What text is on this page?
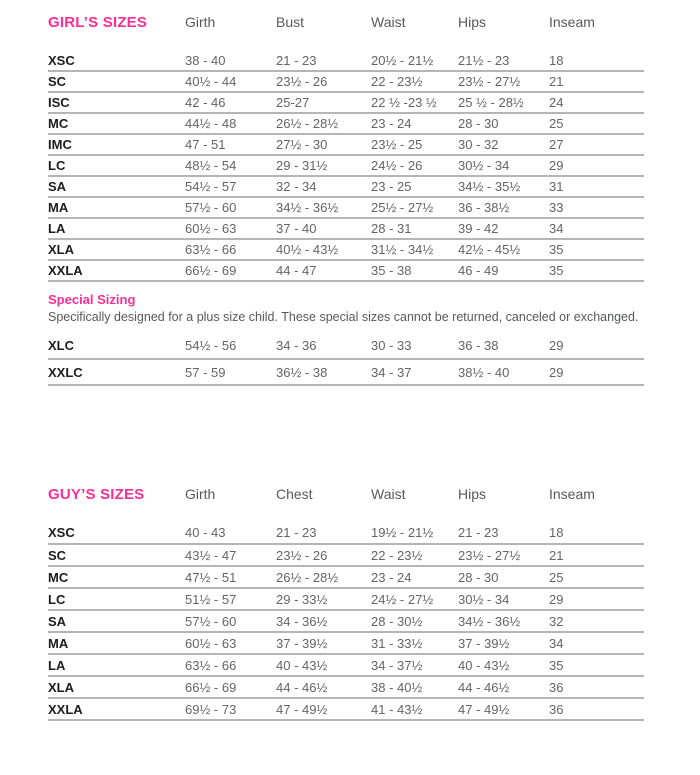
GIRL’S SIZES	Girth	Bust	Waist	Hips	Inseam
XSC	38 - 40	21 - 23	20½ - 21½	21½ - 23	18
SC	40½ - 44	23½ - 26	22 - 23½	23½ - 27½	21
ISC	42 - 46	25-27	22 ½ -23 ½	25 ½ - 28½	24
MC	44½ - 48	26½ - 28½	23 - 24	28 - 30	25
IMC	47 - 51	27½ - 30	23½ - 25	30 - 32	27
LC	48½ - 54	29 - 31½	24½ - 26	30½ - 34	29
SA	54½ - 57	32 - 34	23 - 25	34½ - 35½	31
MA	57½ - 60	34½ - 36½	25½ - 27½	36 - 38½	33
LA	60½ - 63	37 - 40	28 - 31	39 - 42	34
XLA	63½ - 66	40½ - 43½	31½ - 34½	42½ - 45½	35
XXLA	66½ - 69	44 - 47	35 - 38	46 - 49	35

Special Sizing

Specifically designed for a plus size child. These special sizes cannot be returned, canceled or exchanged.

XLC	54½ - 56	34 - 36	30 - 33	36 - 38	29
XXLC	57 - 59	36½ - 38	34 - 37	38½ - 40	29
GUY’S SIZES	Girth	Chest	Waist	Hips	Inseam
XSC	40 - 43	21 - 23	19½ - 21½	21 - 23	18
SC	43½ - 47	23½ - 26	22 - 23½	23½ - 27½	21
MC	47½ - 51	26½ - 28½	23 - 24	28 - 30	25
LC	51½ - 57	29 - 33½	24½ - 27½	30½ - 34	29
SA	57½ - 60	34 - 36½	28 - 30½	34½ - 36½	32
MA	60½ - 63	37 - 39½	31 - 33½	37 - 39½	34
LA	63½ - 66	40 - 43½	34 - 37½	40 - 43½	35
XLA	66½ - 69	44 - 46½	38 - 40½	44 - 46½	36
XXLA	69½ - 73	47 - 49½	41 - 43½	47 - 49½	36
